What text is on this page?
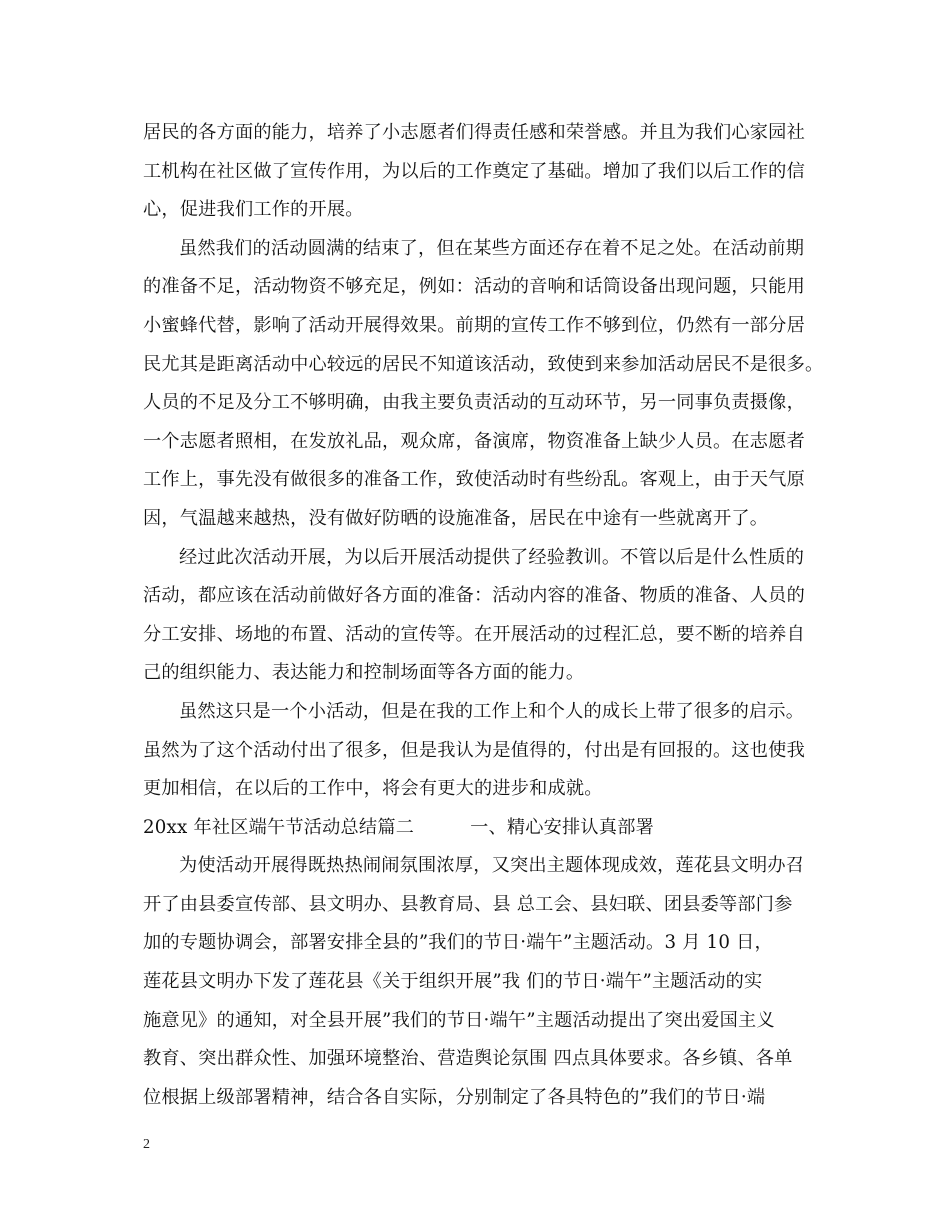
居民的各方面的能力，培养了小志愿者们得责任感和荣誉感。并且为我们心家园社
工机构在社区做了宣传作用，为以后的工作奠定了基础。增加了我们以后工作的信
心，促进我们工作的开展。
虽然我们的活动圆满的结束了，但在某些方面还存在着不足之处。在活动前期
的准备不足，活动物资不够充足，例如：活动的音响和话筒设备出现问题，只能用
小蜜蜂代替，影响了活动开展得效果。前期的宣传工作不够到位，仍然有一部分居
民尤其是距离活动中心较远的居民不知道该活动，致使到来参加活动居民不是很多。
人员的不足及分工不够明确，由我主要负责活动的互动环节，另一同事负责摄像，
一个志愿者照相，在发放礼品，观众席，备演席，物资准备上缺少人员。在志愿者
工作上，事先没有做很多的准备工作，致使活动时有些纷乱。客观上，由于天气原
因，气温越来越热，没有做好防晒的设施准备，居民在中途有一些就离开了。
经过此次活动开展，为以后开展活动提供了经验教训。不管以后是什么性质的
活动，都应该在活动前做好各方面的准备：活动内容的准备、物质的准备、人员的
分工安排、场地的布置、活动的宣传等。在开展活动的过程汇总，要不断的培养自
己的组织能力、表达能力和控制场面等各方面的能力。
虽然这只是一个小活动，但是在我的工作上和个人的成长上带了很多的启示。
虽然为了这个活动付出了很多，但是我认为是值得的，付出是有回报的。这也使我
更加相信，在以后的工作中，将会有更大的进步和成就。
20xx 年社区端午节活动总结篇二	一、精心安排认真部署
为使活动开展得既热热闹闹氛围浓厚，又突出主题体现成效，莲花县文明办召
开了由县委宣传部、县文明办、县教育局、县 总工会、县妇联、团县委等部门参
加的专题协调会，部署安排全县的”我们的节日·端午”主题活动。3 月 10 日，
莲花县文明办下发了莲花县《关于组织开展”我 们的节日·端午”主题活动的实
施意见》的通知，对全县开展”我们的节日·端午”主题活动提出了突出爱国主义
教育、突出群众性、加强环境整治、营造舆论氛围 四点具体要求。各乡镇、各单
位根据上级部署精神，结合各自实际，分别制定了各具特色的”我们的节日·端
2
